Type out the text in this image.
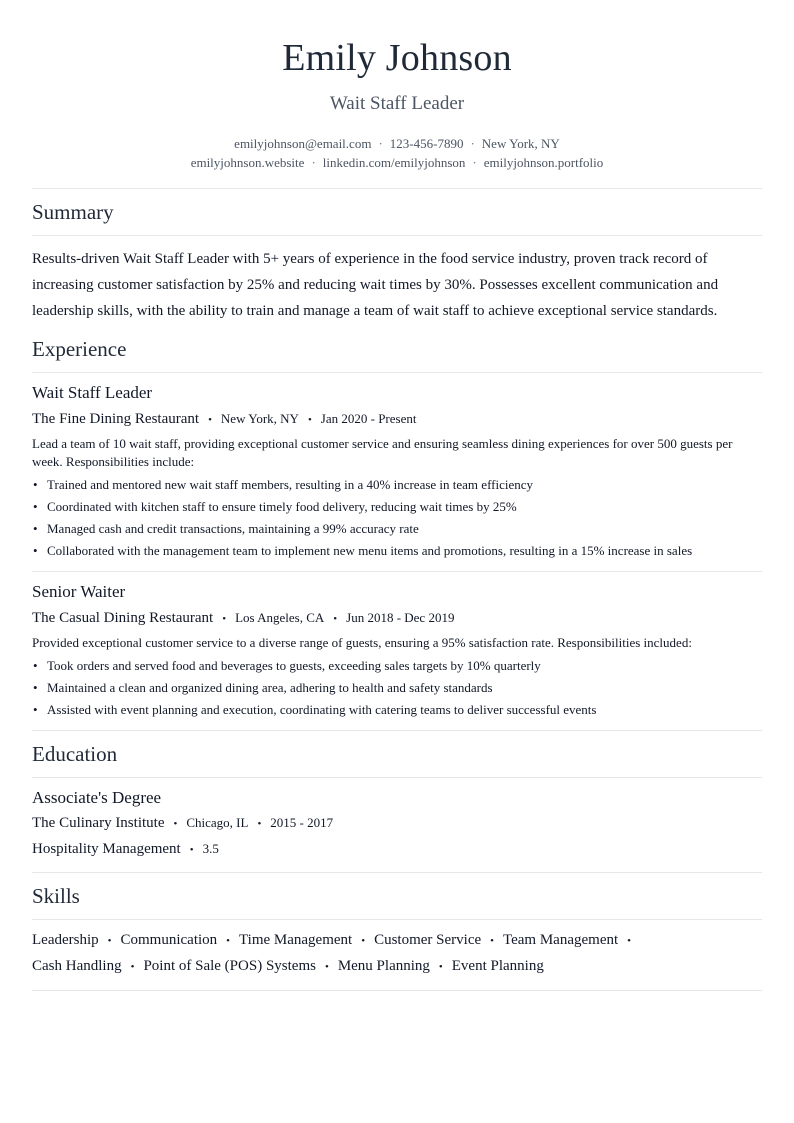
Emily Johnson
Wait Staff Leader
emilyjohnson@email.com · 123-456-7890 · New York, NY
emilyjohnson.website · linkedin.com/emilyjohnson · emilyjohnson.portfolio
Summary

Results-driven Wait Staff Leader with 5+ years of experience in the food service industry, proven track record of increasing customer satisfaction by 25% and reducing wait times by 30%. Possesses excellent communication and leadership skills, with the ability to train and manage a team of wait staff to achieve exceptional service standards.

Experience
Wait Staff Leader
The Fine Dining Restaurant • New York, NY • Jan 2020 - Present
Lead a team of 10 wait staff, providing exceptional customer service and ensuring seamless dining experiences for over 500 guests per week. Responsibilities include:
• Trained and mentored new wait staff members, resulting in a 40% increase in team efficiency
• Coordinated with kitchen staff to ensure timely food delivery, reducing wait times by 25%
• Managed cash and credit transactions, maintaining a 99% accuracy rate
• Collaborated with the management team to implement new menu items and promotions, resulting in a 15% increase in sales
Senior Waiter
The Casual Dining Restaurant • Los Angeles, CA • Jun 2018 - Dec 2019
Provided exceptional customer service to a diverse range of guests, ensuring a 95% satisfaction rate. Responsibilities included:
• Took orders and served food and beverages to guests, exceeding sales targets by 10% quarterly
• Maintained a clean and organized dining area, adhering to health and safety standards
• Assisted with event planning and execution, coordinating with catering teams to deliver successful events
Education
Associate's Degree
The Culinary Institute • Chicago, IL • 2015 - 2017
Hospitality Management • 3.5
Skills
Leadership • Communication • Time Management • Customer Service • Team Management •
Cash Handling • Point of Sale (POS) Systems • Menu Planning • Event Planning
